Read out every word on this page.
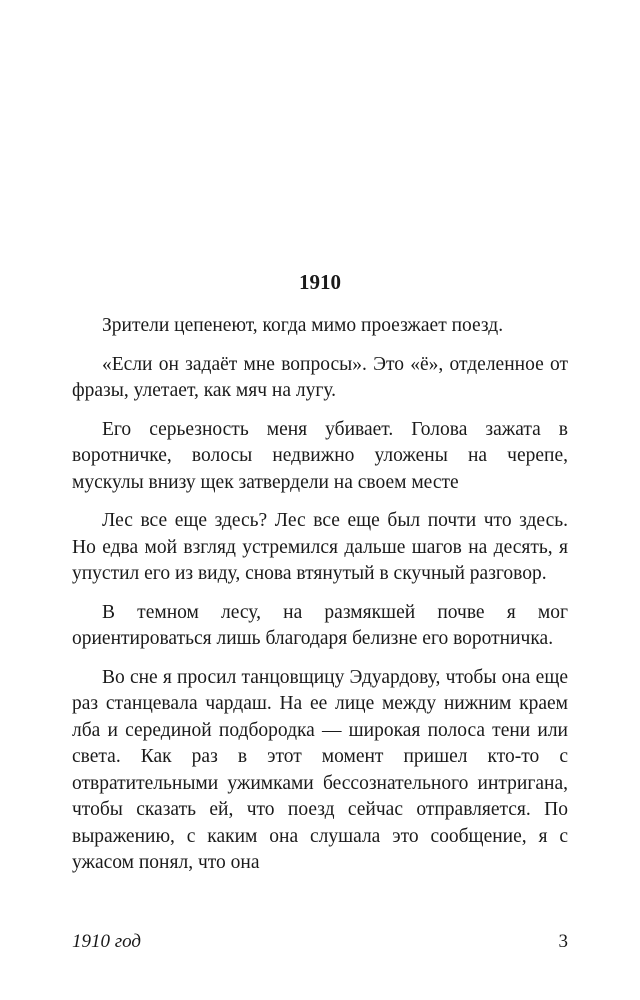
1910

Зрители цепенеют, когда мимо проезжает поезд.

«Если он задаёт мне вопросы». Это «ё», отделенное от фразы, улетает, как мяч на лугу.

Его серьезность меня убивает. Голова зажата в воротничке, волосы недвижно уложены на черепе, мускулы внизу щек затвердели на своем месте

Лес все еще здесь? Лес все еще был почти что здесь. Но едва мой взгляд устремился дальше шагов на десять, я упустил его из виду, снова втянутый в скучный разговор.

В темном лесу, на размякшей почве я мог ориентироваться лишь благодаря белизне его воротничка.

Во сне я просил танцовщицу Эдуардову, чтобы она еще раз станцевала чардаш. На ее лице между нижним краем лба и серединой подбородка — широкая полоса тени или света. Как раз в этот момент пришел кто-то с отвратительными ужимками бессознательного интригана, чтобы сказать ей, что поезд сейчас отправляется. По выражению, с каким она слушала это сообщение, я с ужасом понял, что она

1910 год	3
